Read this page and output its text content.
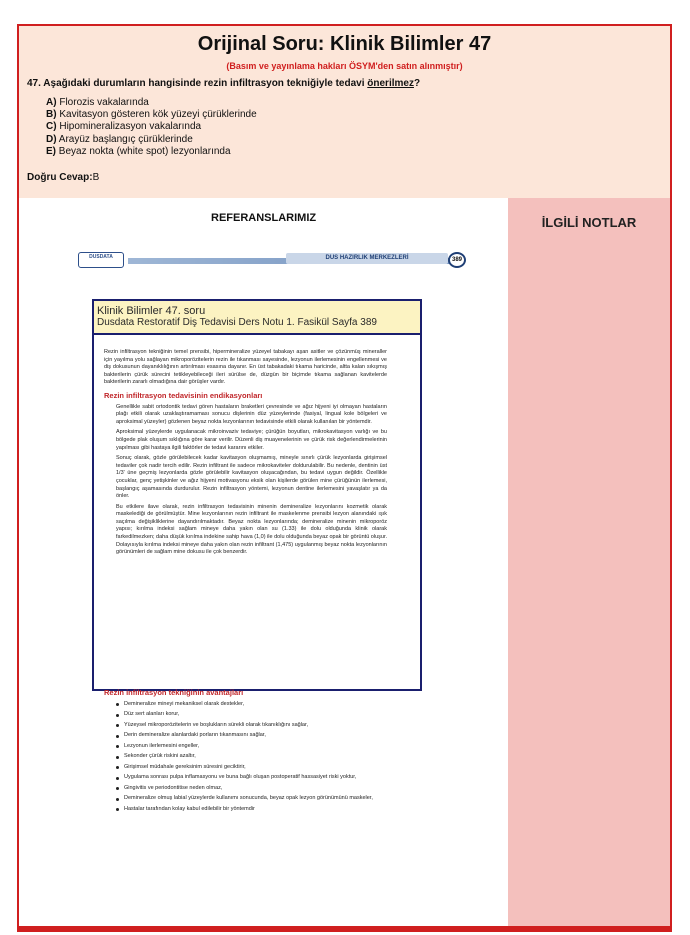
Orijinal Soru: Klinik Bilimler 47
(Basım ve yayınlama hakları ÖSYM'den satın alınmıştır)
47. Aşağıdaki durumların hangisinde rezin infiltrasyon tekniğiyle tedavi önerilmez?
A) Florozis vakalarında
B) Kavitasyon gösteren kök yüzeyi çürüklerinde
C) Hipomineralizasyon vakalarında
D) Arayüz başlangıç çürüklerinde
E) Beyaz nokta (white spot) lezyonlarında
Doğru Cevap:B
REFERANSLARIMIZ	İLGİLİ NOTLAR
DUSDATA	DUS HAZIRLIK MERKEZLERİ	389
Klinik Bilimler 47. soru
Dusdata Restoratif Diş Tedavisi Ders Notu 1. Fasikül Sayfa 389

Rezin infiltrasyon tekniğinin temel prensibi, hipermineralize yüzeyel tabakayı aşan asitler ve çözünmüş mineraller için yayılma yolu sağlayan mikroporözitelerin rezin ile tıkanması sayesinde, lezyonun ilerlemesinin engellenmesi ve diş dokusunun dayanıklılığının artırılması esasına dayanır. En üst tabakadaki tıkama haricinde, altta kalan sıkışmış bakterilerin çürük sürecini tetikleyebileceği ileri sürülse de, düzgün bir biçimde tıkama sağlanan kavitelerde bakterilerin zararlı olmadığına dair görüşler vardır.

Rezin infiltrasyon tedavisinin endikasyonları

Genellikle sabit ortodontik tedavi gören hastaların braketleri çevresinde ve ağız hijyeni iyi olmayan hastaların plağı etkili olarak uzaklaştıramaması sonucu dişlerinin düz yüzeylerinde (fasiyal, lingual kole bölgeleri ve aproksimal yüzeyler) gözlenen beyaz nokta lezyonlarının tedavisinde etkili olarak kullanılan bir yöntemdir.

Aproksimal yüzeylerde uygulanacak mikroinvaziv tedaviye; çürüğün boyutları, mikrokavitasyon varlığı ve bu bölgede plak oluşum sıklığına göre karar verilir. Düzenli diş muayenelerinin ve çürük risk değerlendirmelerinin yapılması gibi hastaya ilgili faktörler de tedavi kararını etkiler.

Sonuç olarak, gözle görülebilecek kadar kavitasyon oluşmamış, mineyle sınırlı çürük lezyonlarda girişimsel tedaviler çok nadir tercih edilir. Rezin infiltrant ile sadece mikrokaviteler doldurulabilir. Bu nedenle, dentinin üst 1/3' üne geçmiş lezyonlarda gözle görülebilir kavitasyon oluşacağından, bu tedavi uygun değildir. Özellikle çocuklar, genç yetişkinler ve ağız hijyeni motivasyonu eksik olan kişilerde görülen mine çürüğünün ilerlemesi, başlangıç aşamasında durdurulur. Rezin infiltrasyon yöntemi, lezyonun dentine ilerlemesini yavaşlatır ya da önler.

Bu etkilere ilave olarak, rezin infiltrasyon tedavisinin minenin demineralize lezyonlarını kozmetik olarak maskelediği de görülmüştür. Mine lezyonlarının rezin infiltrant ile maskelenme prensibi lezyon alanındaki ışık saçılma değişikliklerine dayandırılmaktadır. Beyaz nokta lezyonlarında; demineralize minenin mikroporöz yapısı; kırılma indeksi sağlam mineye daha yakın olan su (1.33) ile dolu olduğunda klinik olarak farkedilmezken; daha düşük kırılma indekine sahip hava (1,0) ile dolu olduğunda beyaz opak bir görüntü oluşur. Dolayısıyla kırılma indeksi mineye daha yakın olan rezin infiltrant (1,475) uygulanmış beyaz nokta lezyonlarının görünümleri de sağlam mine dokusu ile çok benzerdir.

Rezin infiltrasyon tekniğinin avantajları
Demineralize mineyi mekaniksel olarak destekler,
Düz sert alanları korur,
Yüzeysel mikroporözitelerin ve boşlukların sürekli olarak tıkanıklığını sağlar,
Derin demineralize alanlardaki porların tıkanmasını sağlar,
Lezyonun ilerlemesini engeller,
Sekonder çürük riskini azaltır,
Girişimsel müdahale gereksinim süresini geciktirir,
Uygulama sonrası pulpa inflamasyonu ve buna bağlı oluşan postoperatif hassasiyet riski yoktur,
Gingivitis ve periodontitise neden olmaz,
Demineralize olmuş labial yüzeylerde kullanımı sonucunda, beyaz opak lezyon görünümünü maskeler,
Hastalar tarafından kolay kabul edilebilir bir yöntemdir
